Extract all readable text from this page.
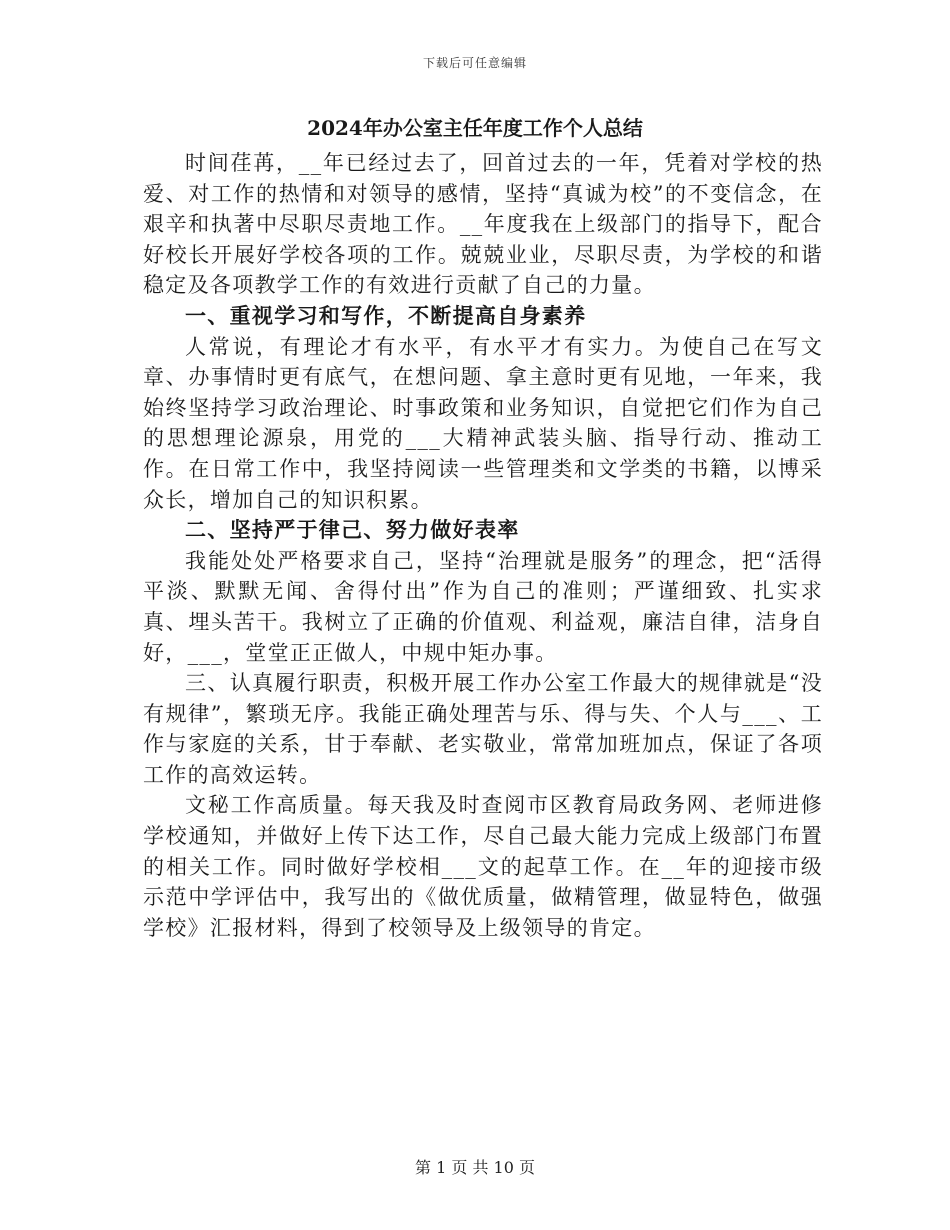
下载后可任意编辑
2024年办公室主任年度工作个人总结

时间荏苒，__年已经过去了，回首过去的一年，凭着对学校的热爱、对工作的热情和对领导的感情，坚持“真诚为校”的不变信念，在艰辛和执著中尽职尽责地工作。__年度我在上级部门的指导下，配合好校长开展好学校各项的工作。兢兢业业，尽职尽责，为学校的和谐稳定及各项教学工作的有效进行贡献了自己的力量。

一、重视学习和写作，不断提高自身素养

人常说，有理论才有水平，有水平才有实力。为使自己在写文章、办事情时更有底气，在想问题、拿主意时更有见地，一年来，我始终坚持学习政治理论、时事政策和业务知识，自觉把它们作为自己的思想理论源泉，用党的___大精神武装头脑、指导行动、推动工作。在日常工作中，我坚持阅读一些管理类和文学类的书籍，以博采众长，增加自己的知识积累。

二、坚持严于律己、努力做好表率

我能处处严格要求自己，坚持“治理就是服务”的理念，把“活得平淡、默默无闻、舍得付出”作为自己的准则；严谨细致、扎实求真、埋头苦干。我树立了正确的价值观、利益观，廉洁自律，洁身自好，___，堂堂正正做人，中规中矩办事。

三、认真履行职责，积极开展工作办公室工作最大的规律就是“没有规律”，繁琐无序。我能正确处理苦与乐、得与失、个人与___、工作与家庭的关系，甘于奉献、老实敬业，常常加班加点，保证了各项工作的高效运转。

文秘工作高质量。每天我及时查阅市区教育局政务网、老师进修学校通知，并做好上传下达工作，尽自己最大能力完成上级部门布置的相关工作。同时做好学校相___文的起草工作。在__年的迎接市级示范中学评估中，我写出的《做优质量，做精管理，做显特色，做强学校》汇报材料，得到了校领导及上级领导的肯定。

第 1 页 共 10 页
